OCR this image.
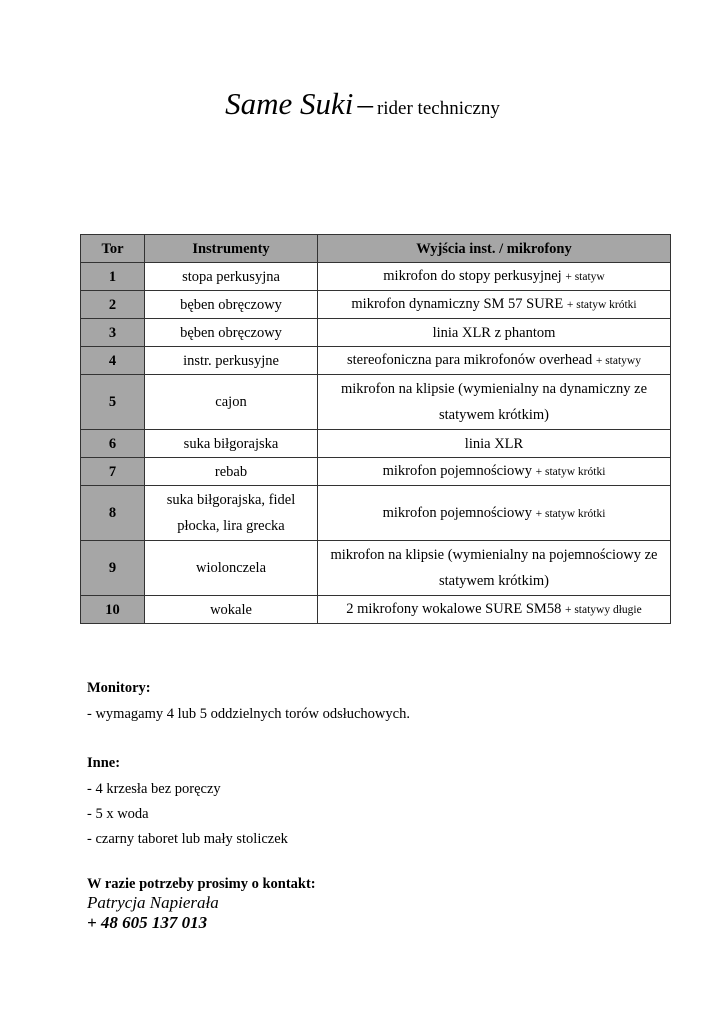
Same Suki – rider techniczny
Tor	Instrumenty	Wyjścia inst. / mikrofony
1	stopa perkusyjna	mikrofon do stopy perkusyjnej + statyw
2	bęben obręczowy	mikrofon dynamiczny SM 57 SURE + statyw krótki
3	bęben obręczowy	linia XLR z phantom
4	instr. perkusyjne	stereofoniczna para mikrofonów overhead + statywy
5	cajon	mikrofon na klipsie (wymienialny na dynamiczny ze statywem krótkim)
6	suka biłgorajska	linia XLR
7	rebab	mikrofon pojemnościowy + statyw krótki
8	suka biłgorajska, fidel płocka, lira grecka	mikrofon pojemnościowy + statyw krótki
9	wiolonczela	mikrofon na klipsie (wymienialny na pojemnościowy ze statywem krótkim)
10	wokale	2 mikrofony wokalowe SURE SM58 + statywy długie
Monitory:
- wymagamy 4 lub 5 oddzielnych torów odsłuchowych.
Inne:
- 4 krzesła bez poręczy
- 5 x woda
- czarny taboret lub mały stoliczek
W razie potrzeby prosimy o kontakt:
Patrycja Napierała
+ 48 605 137 013
